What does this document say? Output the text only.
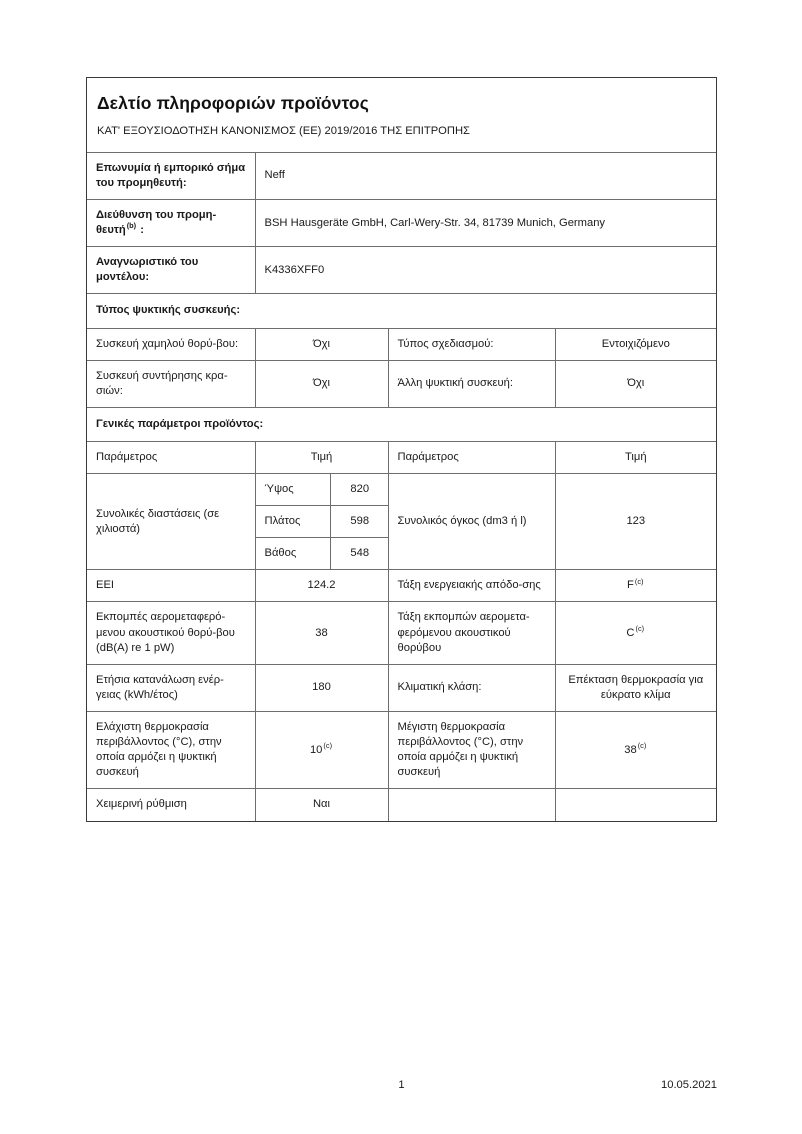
Δελτίο πληροφοριών προϊόντος

ΚΑΤ' ΕΞΟΥΣΙΟΔΟΤΗΣΗ ΚΑΝΟΝΙΣΜΟΣ (ΕΕ) 2019/2016 ΤΗΣ ΕΠΙΤΡΟΠΗΣ

Επωνυμία ή εμπορικό σήμα του προμηθευτή:	Neff
Διεύθυνση του προμη-θευτή$^{(b)}$ :	BSH Hausgeräte GmbH, Carl-Wery-Str. 34, 81739 Munich, Germany
Αναγνωριστικό του μοντέλου:	K4336XFF0
Τύπος ψυκτικής συσκευής:
Συσκευή χαμηλού θορύ-βου:	Όχι	Τύπος σχεδιασμού:	Εντοιχιζόμενο
Συσκευή συντήρησης κρα-σιών:	Όχι	Άλλη ψυκτική συσκευή:	Όχι
Γενικές παράμετροι προϊόντος:
Παράμετρος	Τιμή	Παράμετρος	Τιμή
Συνολικές διαστάσεις (σε χιλιοστά)	
Ύψος	820
Πλάτος	598
Βάθος	548
	Συνολικός όγκος (dm3 ή l)	123
EEI	124.2	Τάξη ενεργειακής απόδο-σης	F$^{(c)}$
Εκπομπές αερομεταφερό-μενου ακουστικού θορύ-βου (dB(A) re 1 pW)	38	Τάξη εκπομπών αερομετα-φερόμενου ακουστικού θορύβου	C$^{(c)}$
Ετήσια κατανάλωση ενέρ-γειας (kWh/έτος)	180	Κλιματική κλάση:	Επέκταση θερμοκρασία για εύκρατο κλίμα
Ελάχιστη θερμοκρασία περιβάλλοντος (°C), στην οποία αρμόζει η ψυκτική συσκευή	10$^{(c)}$	Μέγιστη θερμοκρασία περιβάλλοντος (°C), στην οποία αρμόζει η ψυκτική συσκευή	38$^{(c)}$
Χειμερινή ρύθμιση	Ναι		
1	10.05.2021
